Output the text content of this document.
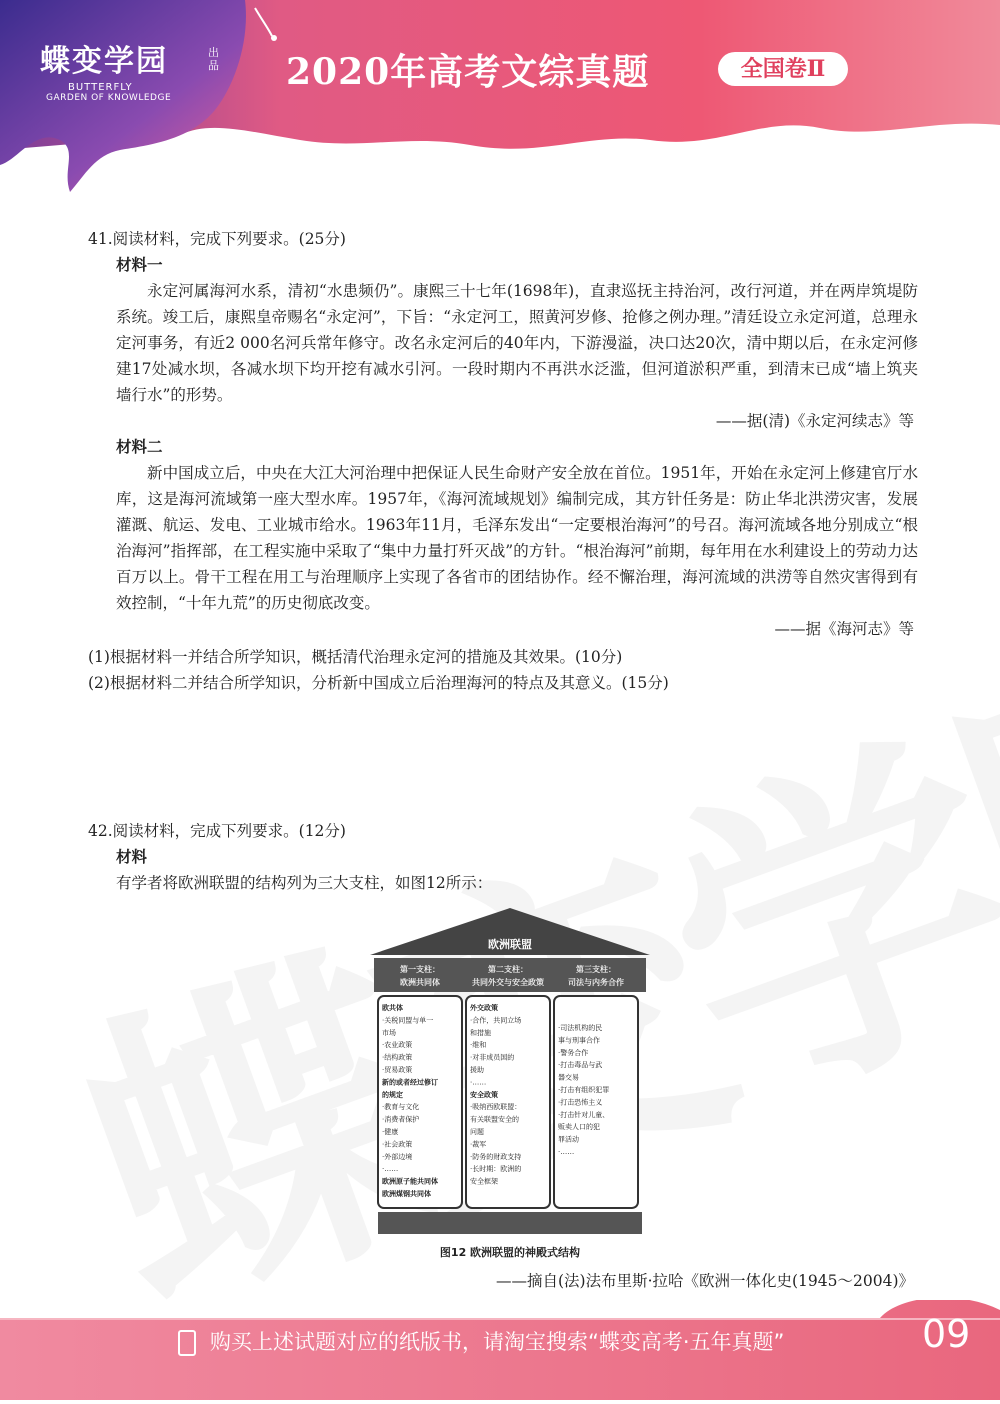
蝶变学园	出品
BUTTERFLY
GARDEN OF KNOWLEDGE
2020年高考文综真题	全国卷Ⅱ

41.阅读材料，完成下列要求。(25分)

材料一

永定河属海河水系，清初“水患频仍”。康熙三十七年(1698年)，直隶巡抚主持治河，改行河道，并在两岸筑堤防系统。竣工后，康熙皇帝赐名“永定河”，下旨：“永定河工，照黄河岁修、抢修之例办理。”清廷设立永定河道，总理永定河事务，有近2 000名河兵常年修守。改名永定河后的40年内，下游漫溢，决口达20次，清中期以后，在永定河修建17处减水坝，各减水坝下均开挖有减水引河。一段时期内不再洪水泛滥，但河道淤积严重，到清末已成“墙上筑夹墙行水”的形势。

——据(清)《永定河续志》等

材料二

新中国成立后，中央在大江大河治理中把保证人民生命财产安全放在首位。1951年，开始在永定河上修建官厅水库，这是海河流域第一座大型水库。1957年，《海河流域规划》编制完成，其方针任务是：防止华北洪涝灾害，发展灌溉、航运、发电、工业城市给水。1963年11月，毛泽东发出“一定要根治海河”的号召。海河流域各地分别成立“根治海河”指挥部，在工程实施中采取了“集中力量打歼灭战”的方针。“根治海河”前期，每年用在水利建设上的劳动力达百万以上。骨干工程在用工与治理顺序上实现了各省市的团结协作。经不懈治理，海河流域的洪涝等自然灾害得到有效控制，“十年九荒”的历史彻底改变。

——据《海河志》等

(1)根据材料一并结合所学知识，概括清代治理永定河的措施及其效果。(10分)

(2)根据材料二并结合所学知识，分析新中国成立后治理海河的特点及其意义。(15分)

42.阅读材料，完成下列要求。(12分)

材料

有学者将欧洲联盟的结构列为三大支柱，如图12所示：

欧洲联盟
第一支柱：
欧洲共同体
第二支柱：
共同外交与安全政策
第三支柱：
司法与内务合作
欧共体
·关税同盟与单一
市场
·农业政策
·结构政策
·贸易政策
新的或者经过修订
的规定
·教育与文化
·消费者保护
·健康
·社会政策
·外部边境
·……
欧洲原子能共同体
欧洲煤钢共同体
外交政策
·合作，共同立场
和措施
·维和
·对非成员国的
援助
·……
安全政策
·吸纳西欧联盟：
有关联盟安全的
问题
·裁军
·防务的财政支持
·长时期：欧洲的
安全框架
·司法机构的民
事与刑事合作
·警务合作
·打击毒品与武
器交易
·打击有组织犯罪
·打击恐怖主义
·打击针对儿童、
贩卖人口的犯
罪活动
·……
图12 欧洲联盟的神殿式结构

——摘自(法)法布里斯·拉哈《欧洲一体化史(1945～2004)》

购买上述试题对应的纸版书，请淘宝搜索“蝶变高考·五年真题”	09
